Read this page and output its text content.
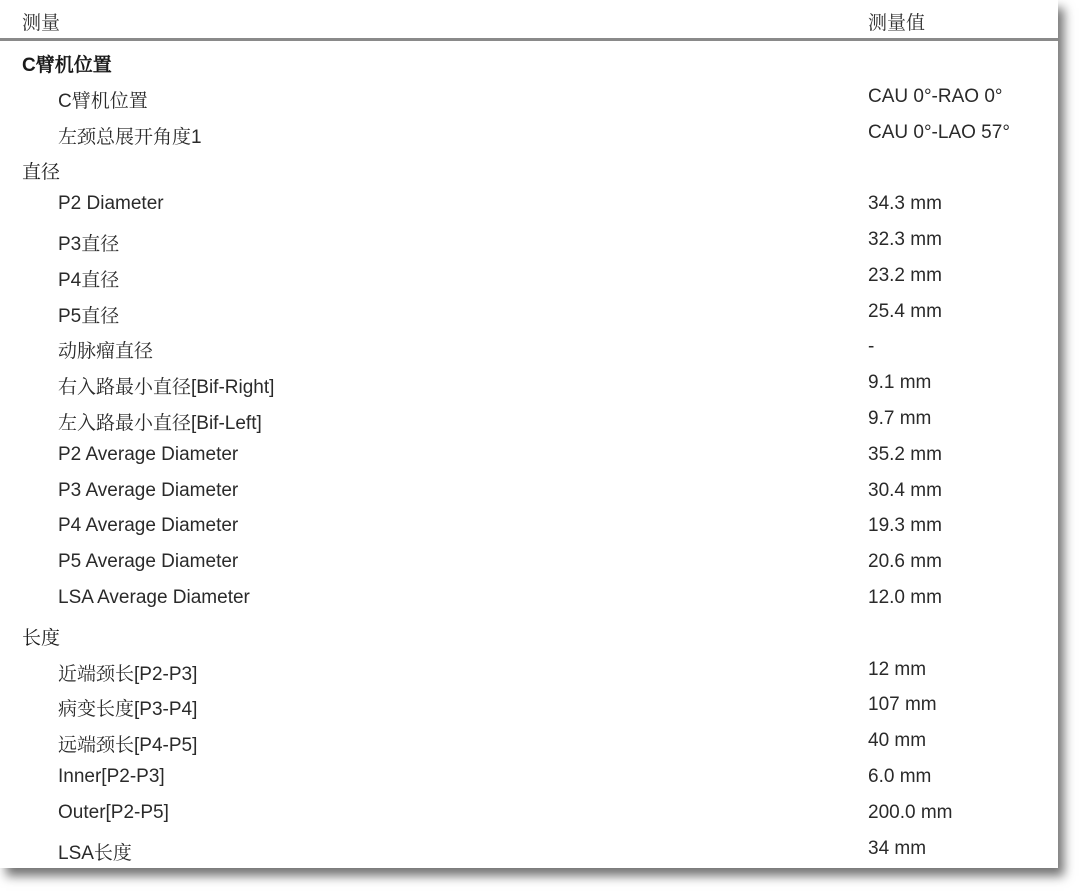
测量	测量值
C臂机位置
C臂机位置	CAU 0°-RAO 0°
左颈总展开角度1	CAU 0°-LAO 57°
直径
P2 Diameter	34.3 mm
P3直径	32.3 mm
P4直径	23.2 mm
P5直径	25.4 mm
动脉瘤直径	-
右入路最小直径[Bif-Right]	9.1 mm
左入路最小直径[Bif-Left]	9.7 mm
P2 Average Diameter	35.2 mm
P3 Average Diameter	30.4 mm
P4 Average Diameter	19.3 mm
P5 Average Diameter	20.6 mm
LSA Average Diameter	12.0 mm
长度
近端颈长[P2-P3]	12 mm
病变长度[P3-P4]	107 mm
远端颈长[P4-P5]	40 mm
Inner[P2-P3]	6.0 mm
Outer[P2-P5]	200.0 mm
LSA长度	34 mm
